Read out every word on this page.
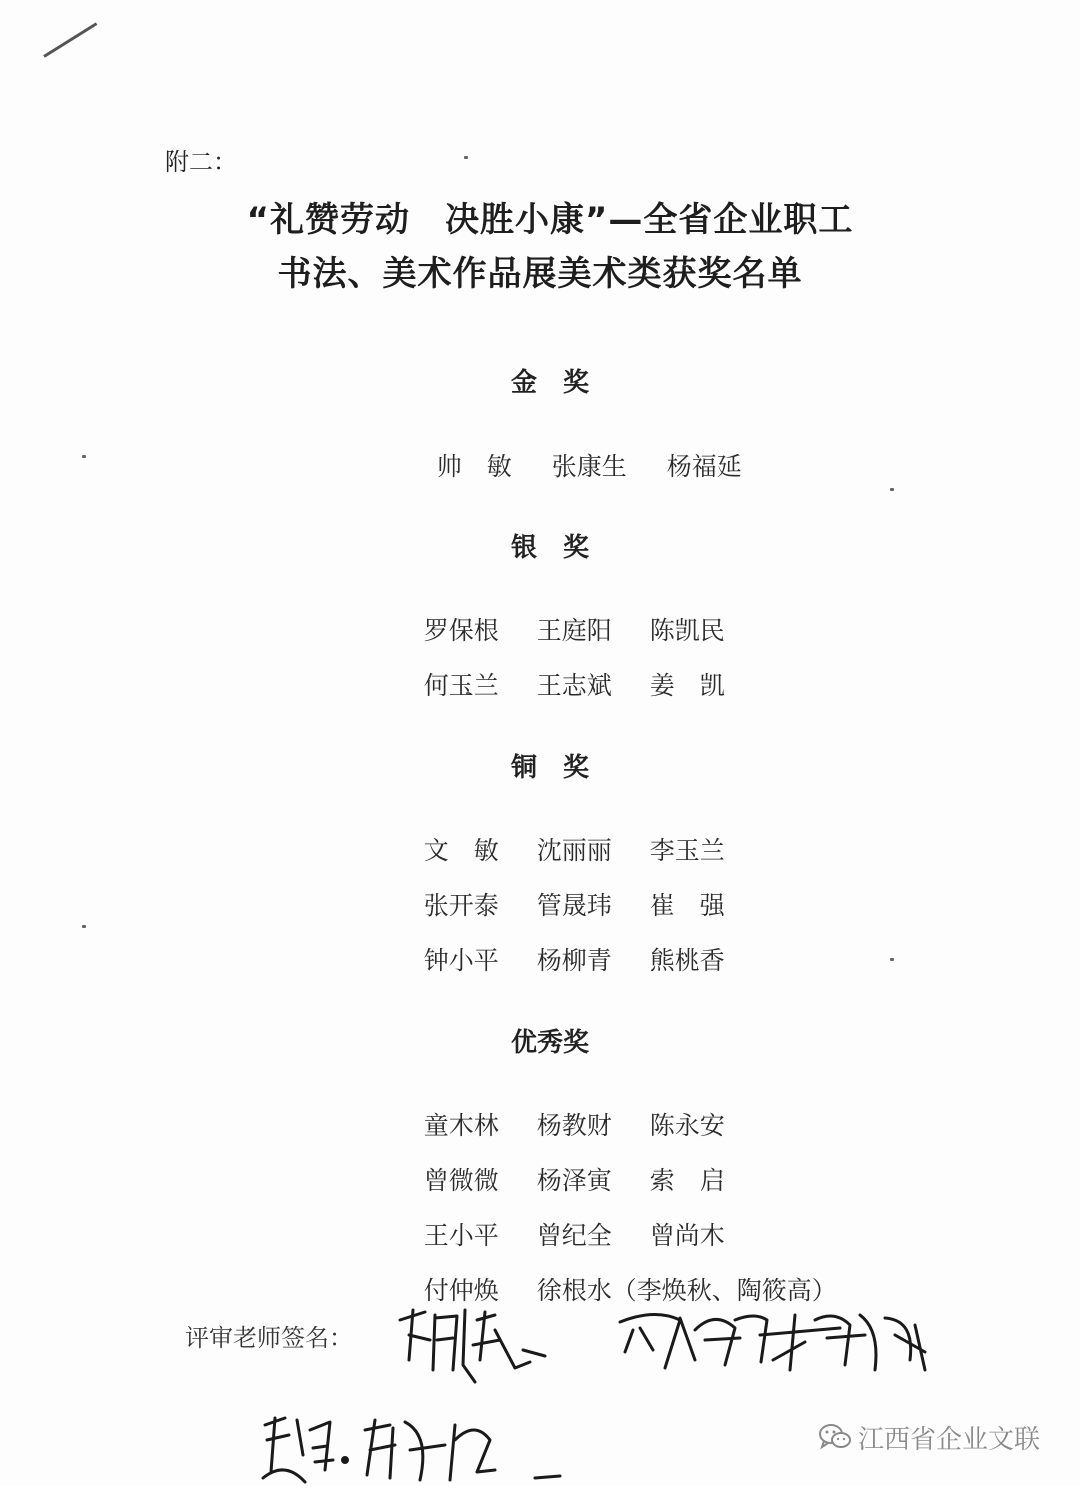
附二：
“礼赞劳动　决胜小康”—全省企业职工
书法、美术作品展美术类获奖名单
金　奖

帅　敏 张康生 杨福延

银　奖

罗保根 王庭阳 陈凯民

何玉兰 王志斌 姜　凯

铜　奖

文　敏 沈丽丽 李玉兰

张开泰 管晟玮 崔　强

钟小平 杨柳青 熊桃香

优秀奖

童木林 杨教财 陈永安

曾微微 杨泽寅 索　启

王小平 曾纪全 曾尚木

付仲焕 徐根水（李焕秋、陶筱高）

评审老师签名：
江西省企业文联
